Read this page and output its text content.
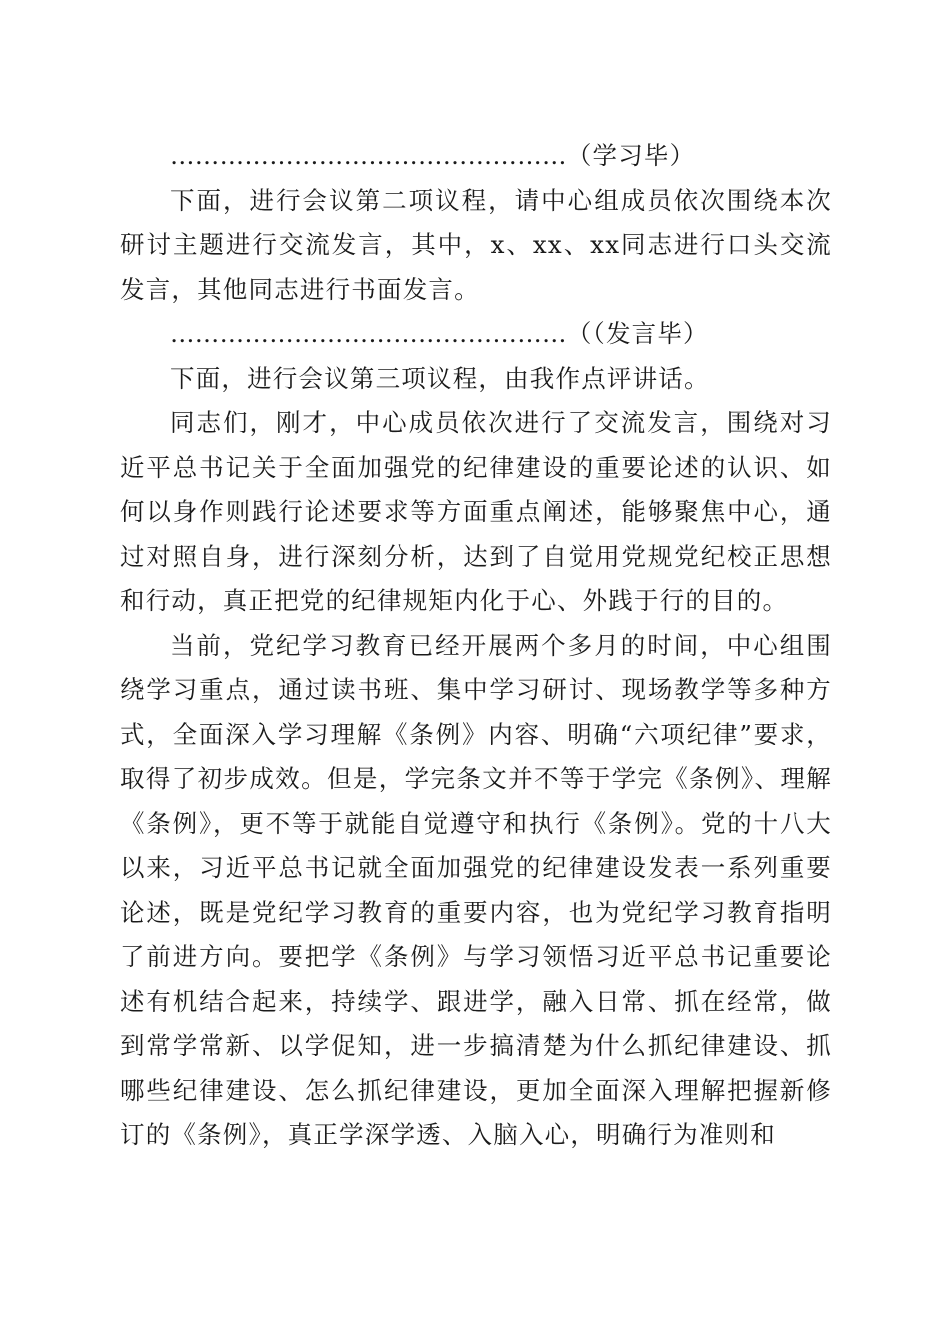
…………………………………………（学习毕）

下面，进行会议第二项议程，请中心组成员依次围绕本次研讨主题进行交流发言，其中，x、xx、xx同志进行口头交流发言，其他同志进行书面发言。

…………………………………………（（发言毕）

下面，进行会议第三项议程，由我作点评讲话。

同志们，刚才，中心成员依次进行了交流发言，围绕对习近平总书记关于全面加强党的纪律建设的重要论述的认识、如何以身作则践行论述要求等方面重点阐述，能够聚焦中心，通过对照自身，进行深刻分析，达到了自觉用党规党纪校正思想和行动，真正把党的纪律规矩内化于心、外践于行的目的。

当前，党纪学习教育已经开展两个多月的时间，中心组围绕学习重点，通过读书班、集中学习研讨、现场教学等多种方式，全面深入学习理解《条例》内容、明确“六项纪律”要求，取得了初步成效。但是，学完条文并不等于学完《条例》、理解《条例》，更不等于就能自觉遵守和执行《条例》。党的十八大以来，习近平总书记就全面加强党的纪律建设发表一系列重要论述，既是党纪学习教育的重要内容，也为党纪学习教育指明了前进方向。要把学《条例》与学习领悟习近平总书记重要论述有机结合起来，持续学、跟进学，融入日常、抓在经常，做到常学常新、以学促知，进一步搞清楚为什么抓纪律建设、抓哪些纪律建设、怎么抓纪律建设，更加全面深入理解把握新修订的《条例》，真正学深学透、入脑入心，明确行为准则和
